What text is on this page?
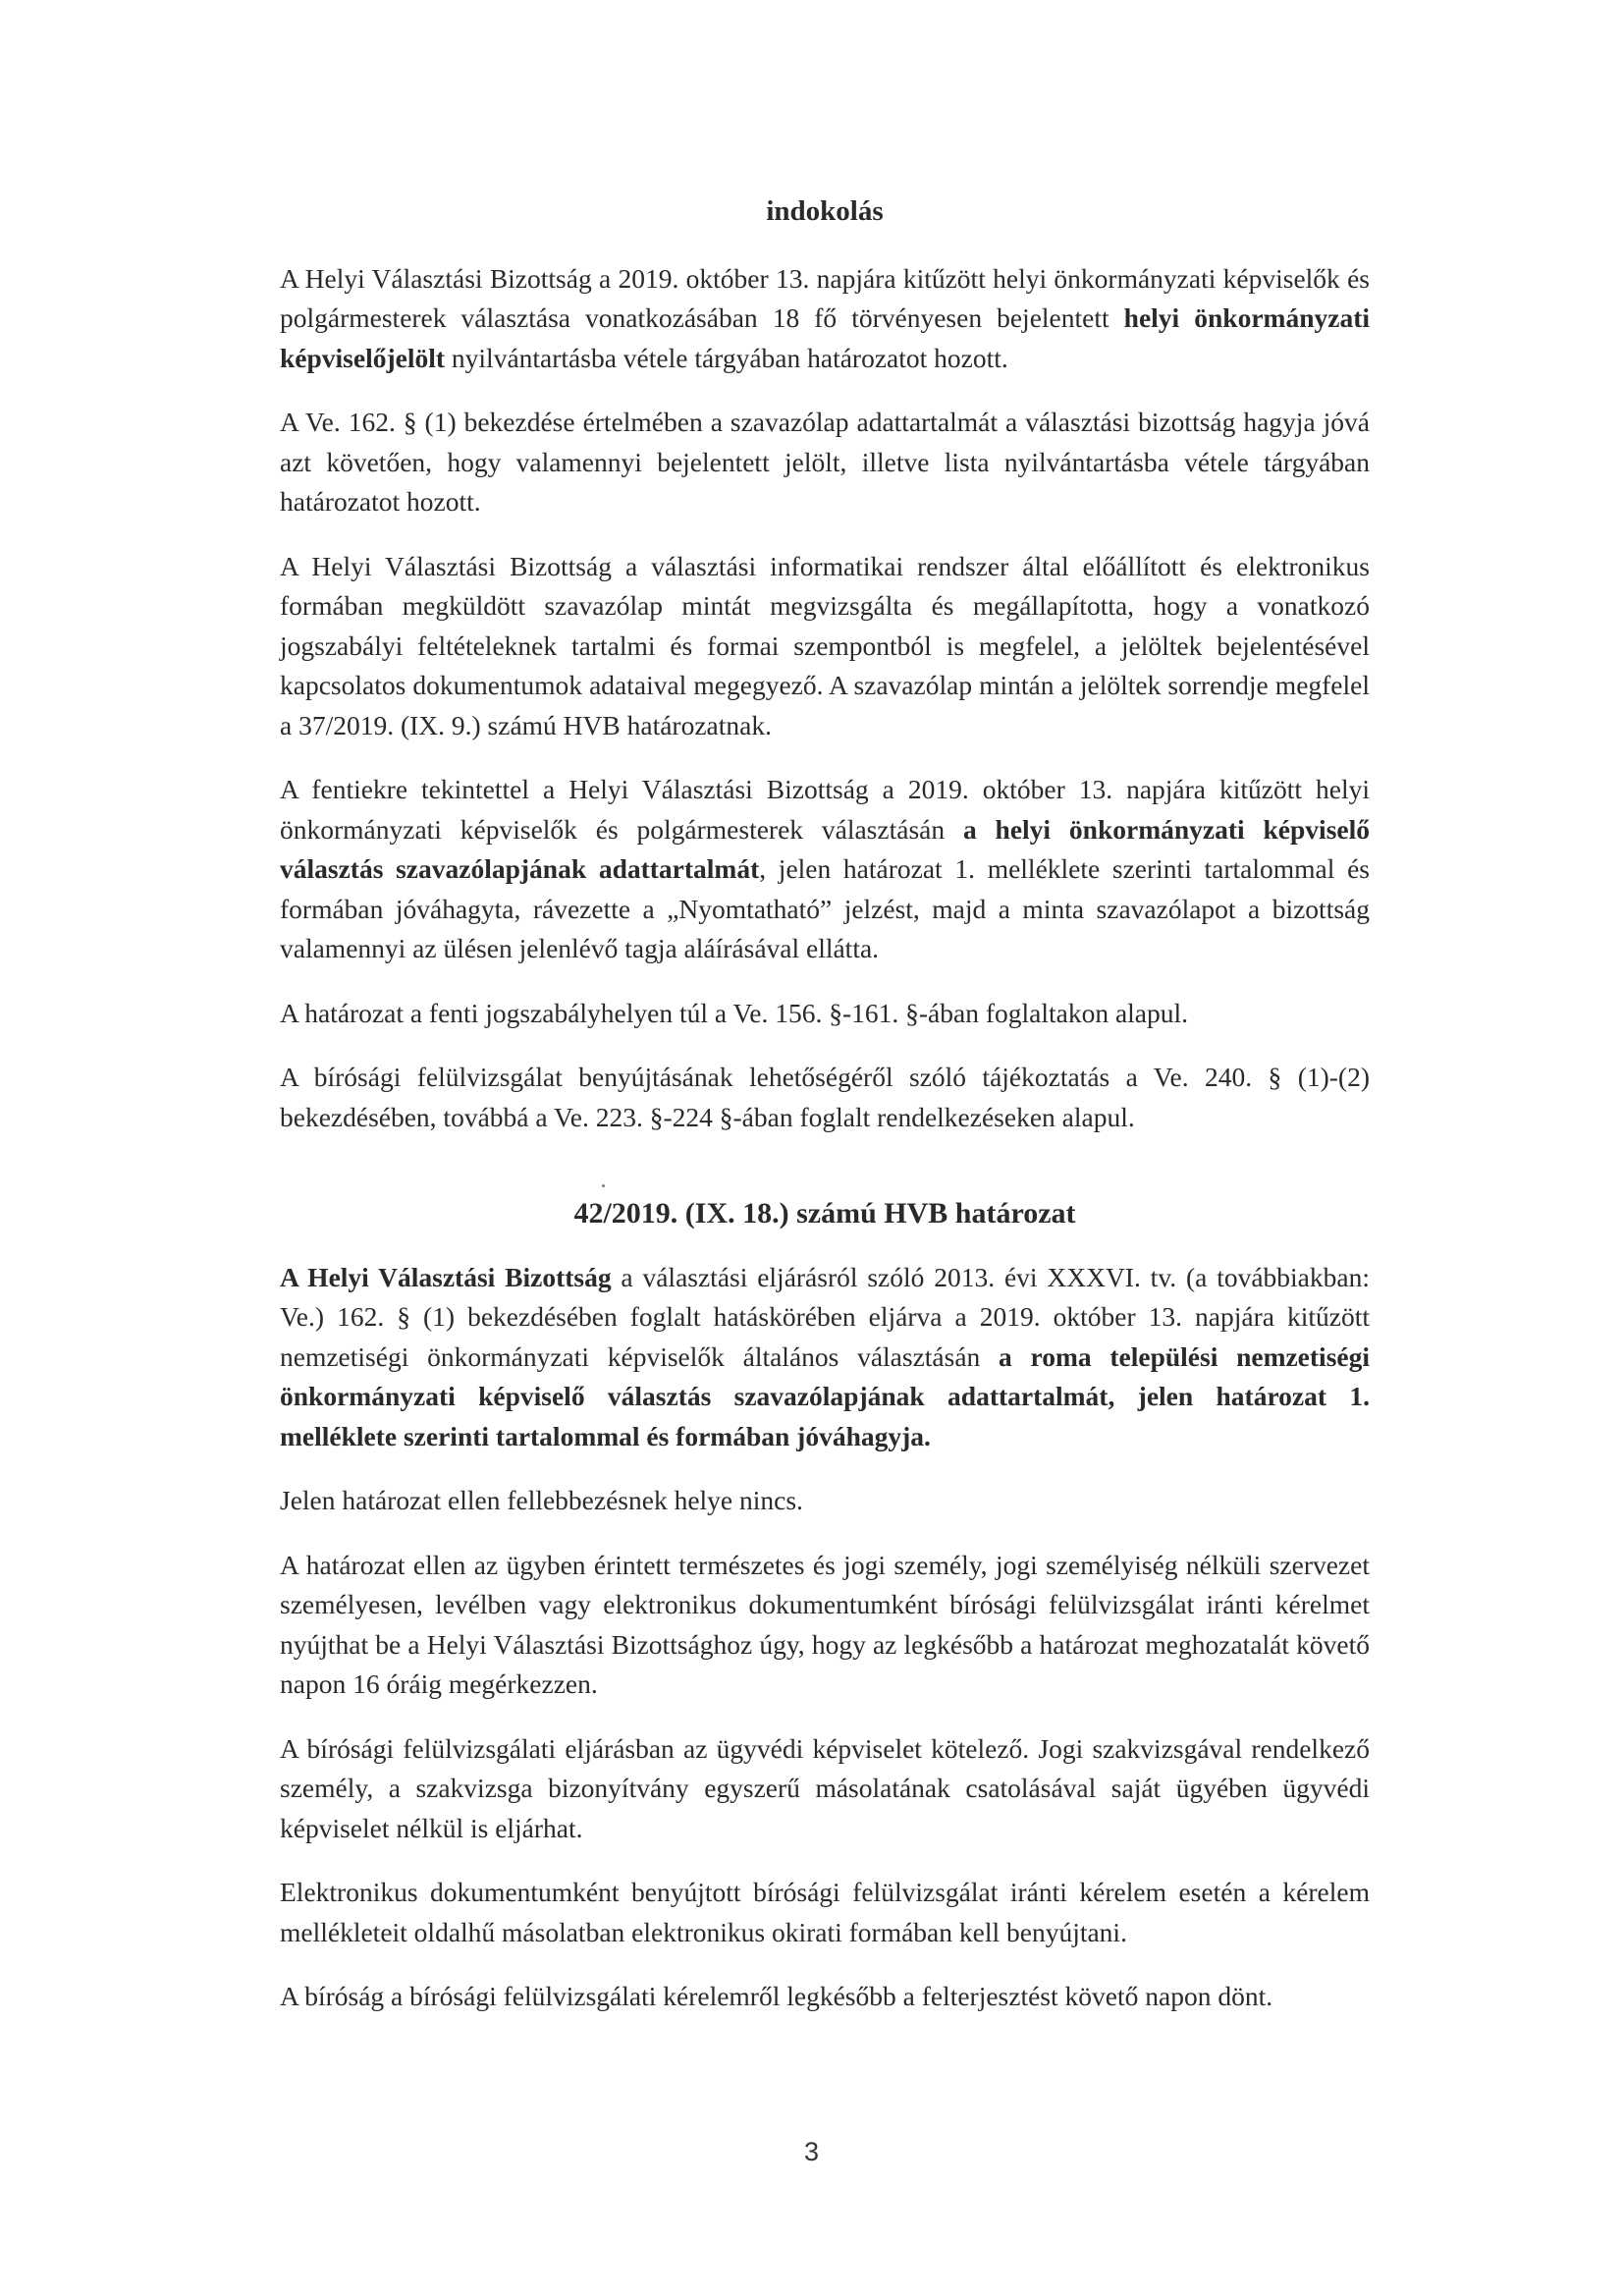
indokolás

A Helyi Választási Bizottság a 2019. október 13. napjára kitűzött helyi önkormányzati képviselők és polgármesterek választása vonatkozásában 18 fő törvényesen bejelentett helyi önkormányzati képviselőjelölt nyilvántartásba vétele tárgyában határozatot hozott.

A Ve. 162. § (1) bekezdése értelmében a szavazólap adattartalmát a választási bizottság hagyja jóvá azt követően, hogy valamennyi bejelentett jelölt, illetve lista nyilvántartásba vétele tárgyában határozatot hozott.

A Helyi Választási Bizottság a választási informatikai rendszer által előállított és elektronikus formában megküldött szavazólap mintát megvizsgálta és megállapította, hogy a vonatkozó jogszabályi feltételeknek tartalmi és formai szempontból is megfelel, a jelöltek bejelentésével kapcsolatos dokumentumok adataival megegyező. A szavazólap mintán a jelöltek sorrendje megfelel a 37/2019. (IX. 9.) számú HVB határozatnak.

A fentiekre tekintettel a Helyi Választási Bizottság a 2019. október 13. napjára kitűzött helyi önkormányzati képviselők és polgármesterek választásán a helyi önkormányzati képviselő választás szavazólapjának adattartalmát, jelen határozat 1. melléklete szerinti tartalommal és formában jóváhagyta, rávezette a „Nyomtatható” jelzést, majd a minta szavazólapot a bizottság valamennyi az ülésen jelenlévő tagja aláírásával ellátta.

A határozat a fenti jogszabályhelyen túl a Ve. 156. §-161. §-ában foglaltakon alapul.

A bírósági felülvizsgálat benyújtásának lehetőségéről szóló tájékoztatás a Ve. 240. § (1)-(2) bekezdésében, továbbá a Ve. 223. §-224 §-ában foglalt rendelkezéseken alapul.

42/2019. (IX. 18.) számú HVB határozat

A Helyi Választási Bizottság a választási eljárásról szóló 2013. évi XXXVI. tv. (a továbbiakban: Ve.) 162. § (1) bekezdésében foglalt hatáskörében eljárva a 2019. október 13. napjára kitűzött nemzetiségi önkormányzati képviselők általános választásán a roma települési nemzetiségi önkormányzati képviselő választás szavazólapjának adattartalmát, jelen határozat 1. melléklete szerinti tartalommal és formában jóváhagyja.

Jelen határozat ellen fellebbezésnek helye nincs.

A határozat ellen az ügyben érintett természetes és jogi személy, jogi személyiség nélküli szervezet személyesen, levélben vagy elektronikus dokumentumként bírósági felülvizsgálat iránti kérelmet nyújthat be a Helyi Választási Bizottsághoz úgy, hogy az legkésőbb a határozat meghozatalát követő napon 16 óráig megérkezzen.

A bírósági felülvizsgálati eljárásban az ügyvédi képviselet kötelező. Jogi szakvizsgával rendelkező személy, a szakvizsga bizonyítvány egyszerű másolatának csatolásával saját ügyében ügyvédi képviselet nélkül is eljárhat.

Elektronikus dokumentumként benyújtott bírósági felülvizsgálat iránti kérelem esetén a kérelem mellékleteit oldalhű másolatban elektronikus okirati formában kell benyújtani.

A bíróság a bírósági felülvizsgálati kérelemről legkésőbb a felterjesztést követő napon dönt.

3
